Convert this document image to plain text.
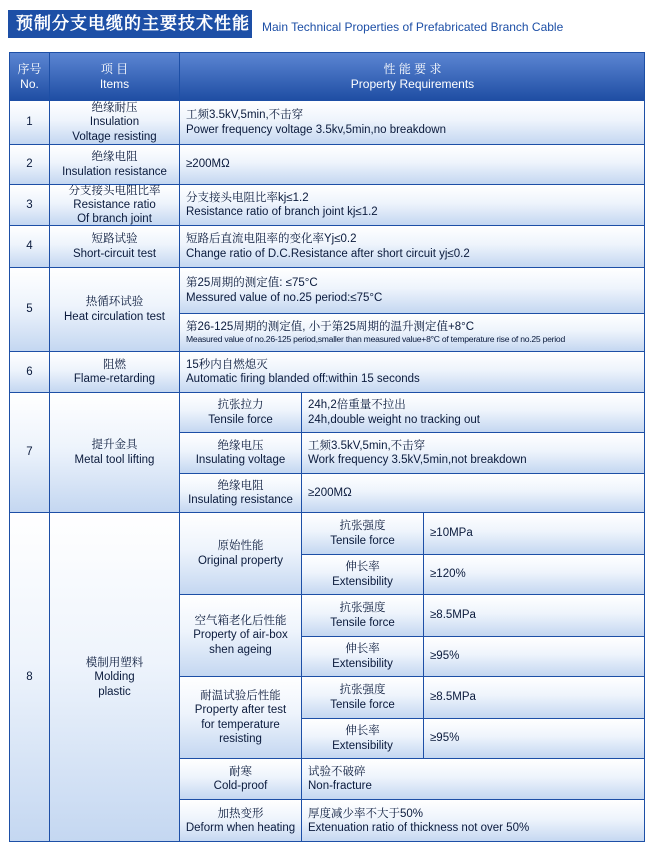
预制分支电缆的主要技术性能 Main Technical Properties of Prefabricated Branch Cable
序号
No.
项 目
Items
性 能 要 求
Property Requirements
1
绝缘耐压
Insulation
Voltage resisting
工频3.5kV,5min,不击穿
Power frequency voltage 3.5kv,5min,no breakdown
2
绝缘电阻
Insulation resistance
≥200MΩ
3
分支接头电阻比率
Resistance ratio
Of branch joint
分支接头电阻比率kj≤1.2
Resistance ratio of branch joint kj≤1.2
4
短路试验
Short-circuit test
短路后直流电阻率的变化率Yj≤0.2
Change ratio of D.C.Resistance after short circuit yj≤0.2
5
热循环试验
Heat circulation test
第25周期的测定值: ≤75°C
Messured value of no.25 period:≤75°C
第26-125周期的测定值, 小于第25周期的温升测定值+8°C
Measured value of no.26-125 period,smaller than measured value+8°C of temperature rise of no.25 period
6
阻燃
Flame-retarding
15秒内自燃熄灭
Automatic firing blanded off:within 15 seconds
7
提升金具
Metal tool lifting
抗张拉力
Tensile force
24h,2倍重量不拉出
24h,double weight no tracking out
绝缘电压
Insulating voltage
工频3.5kV,5min,不击穿
Work frequency 3.5kV,5min,not breakdown
绝缘电阻
Insulating resistance
≥200MΩ
8
模制用塑料
Molding
plastic
原始性能
Original property
抗张强度
Tensile force
≥10MPa
伸长率
Extensibility
≥120%
空气箱老化后性能
Property of air-box
shen ageing
抗张强度
Tensile force
≥8.5MPa
伸长率
Extensibility
≥95%
耐温试验后性能
Property after test
for temperature
resisting
抗张强度
Tensile force
≥8.5MPa
伸长率
Extensibility
≥95%
耐寒
Cold-proof
试验不破碎
Non-fracture
加热变形
Deform when heating
厚度减少率不大于50%
Extenuation ratio of thickness not over 50%
